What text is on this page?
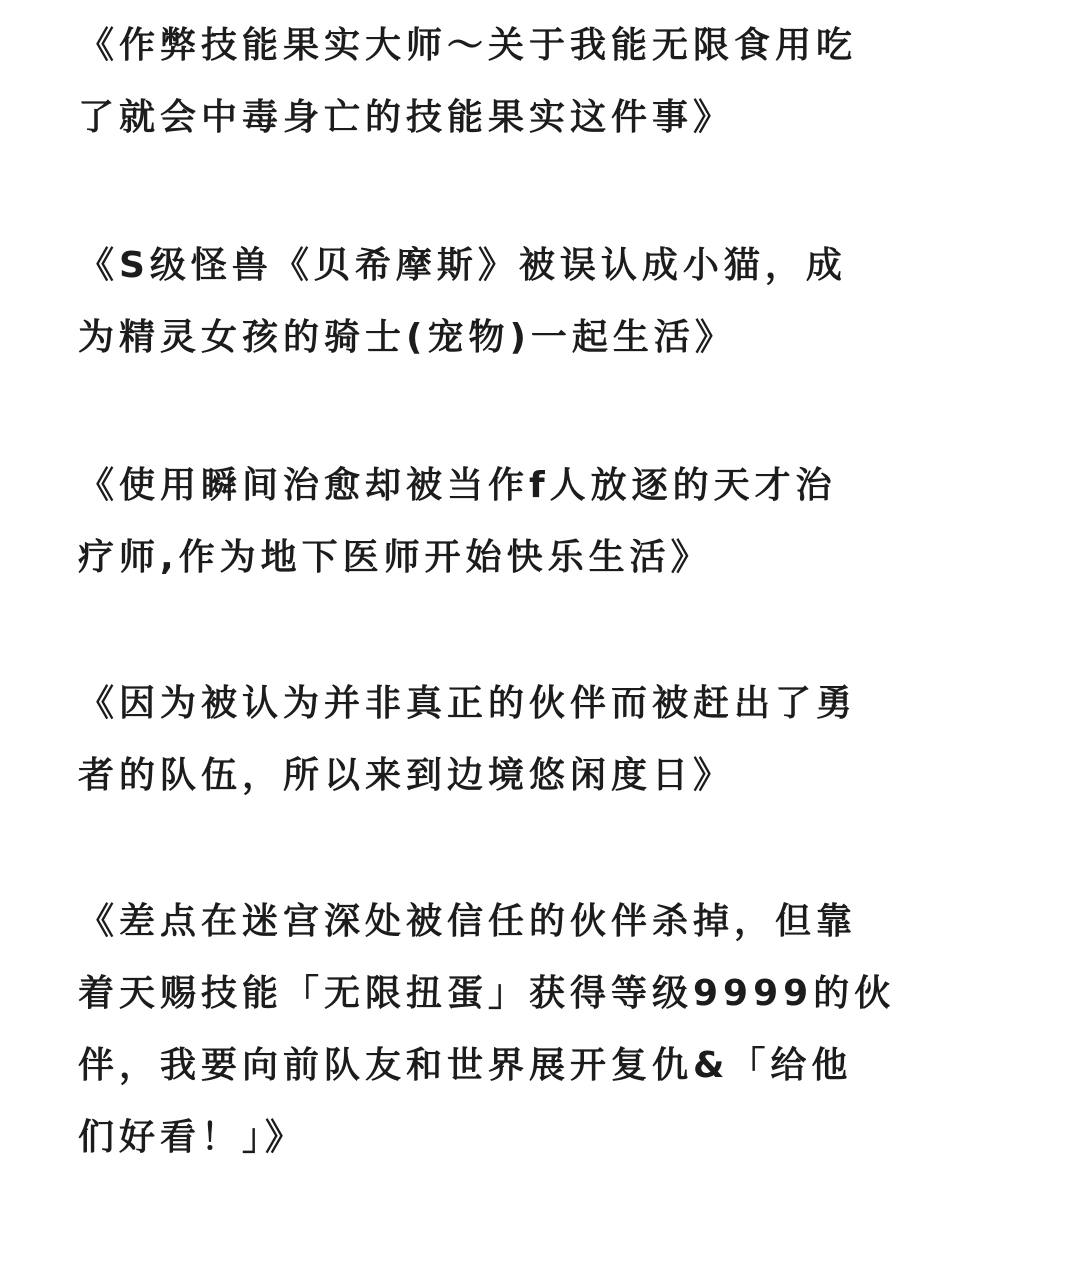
《作弊技能果实大师～关于我能无限食用吃
了就会中毒身亡的技能果实这件事》

《S级怪兽《贝希摩斯》被误认成小猫，成
为精灵女孩的骑士(宠物)一起生活》

《使用瞬间治愈却被当作f人放逐的天才治
疗师,作为地下医师开始快乐生活》

《因为被认为并非真正的伙伴而被赶出了勇
者的队伍，所以来到边境悠闲度日》

《差点在迷宫深处被信任的伙伴杀掉，但靠
着天赐技能「无限扭蛋」获得等级9999的伙
伴，我要向前队友和世界展开复仇&「给他
们好看！」》
